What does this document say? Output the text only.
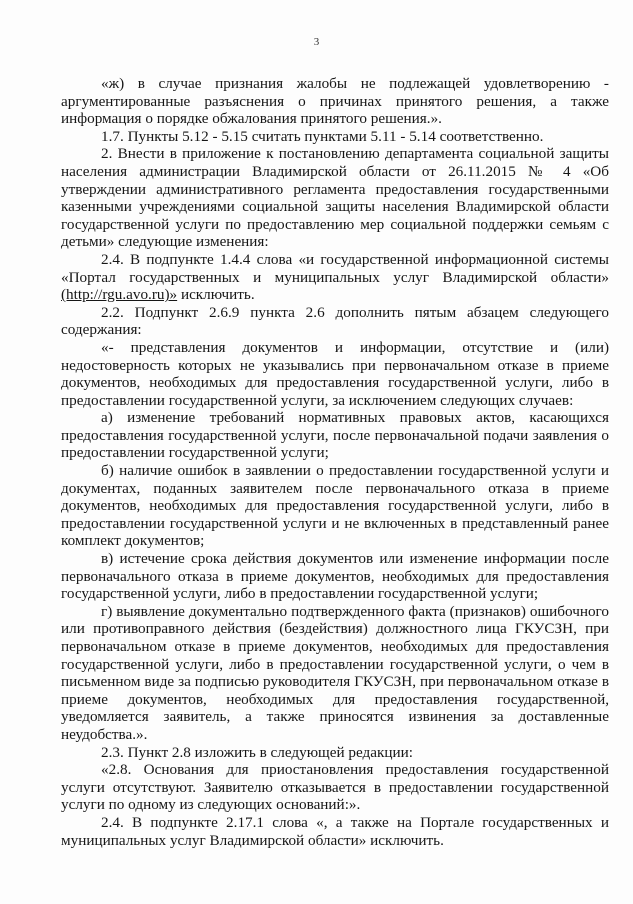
3

«ж) в случае признания жалобы не подлежащей удовлетворению - аргументированные разъяснения о причинах принятого решения, а также информация о порядке обжалования принятого решения.».

1.7. Пункты 5.12 - 5.15 считать пунктами 5.11 - 5.14 соответственно.

2. Внести в приложение к постановлению департамента социальной защиты населения администрации Владимирской области от 26.11.2015 № 4 «Об утверждении административного регламента предоставления государственными казенными учреждениями социальной защиты населения Владимирской области государственной услуги по предоставлению мер социальной поддержки семьям с детьми» следующие изменения:

2.4. В подпункте 1.4.4 слова «и государственной информационной системы «Портал государственных и муниципальных услуг Владимирской области» (http://rgu.avo.ru)» исключить.

2.2. Подпункт 2.6.9 пункта 2.6 дополнить пятым абзацем следующего содержания:

«- представления документов и информации, отсутствие и (или) недостоверность которых не указывались при первоначальном отказе в приеме документов, необходимых для предоставления государственной услуги, либо в предоставлении государственной услуги, за исключением следующих случаев:

а) изменение требований нормативных правовых актов, касающихся предоставления государственной услуги, после первоначальной подачи заявления о предоставлении государственной услуги;

б) наличие ошибок в заявлении о предоставлении государственной услуги и документах, поданных заявителем после первоначального отказа в приеме документов, необходимых для предоставления государственной услуги, либо в предоставлении государственной услуги и не включенных в представленный ранее комплект документов;

в) истечение срока действия документов или изменение информации после первоначального отказа в приеме документов, необходимых для предоставления государственной услуги, либо в предоставлении государственной услуги;

г) выявление документально подтвержденного факта (признаков) ошибочного или противоправного действия (бездействия) должностного лица ГКУСЗН, при первоначальном отказе в приеме документов, необходимых для предоставления государственной услуги, либо в предоставлении государственной услуги, о чем в письменном виде за подписью руководителя ГКУСЗН, при первоначальном отказе в приеме документов, необходимых для предоставления государственной, уведомляется заявитель, а также приносятся извинения за доставленные неудобства.».

2.3. Пункт 2.8 изложить в следующей редакции:

«2.8. Основания для приостановления предоставления государственной услуги отсутствуют. Заявителю отказывается в предоставлении государственной услуги по одному из следующих оснований:».

2.4. В подпункте 2.17.1 слова «, а также на Портале государственных и муниципальных услуг Владимирской области» исключить.
